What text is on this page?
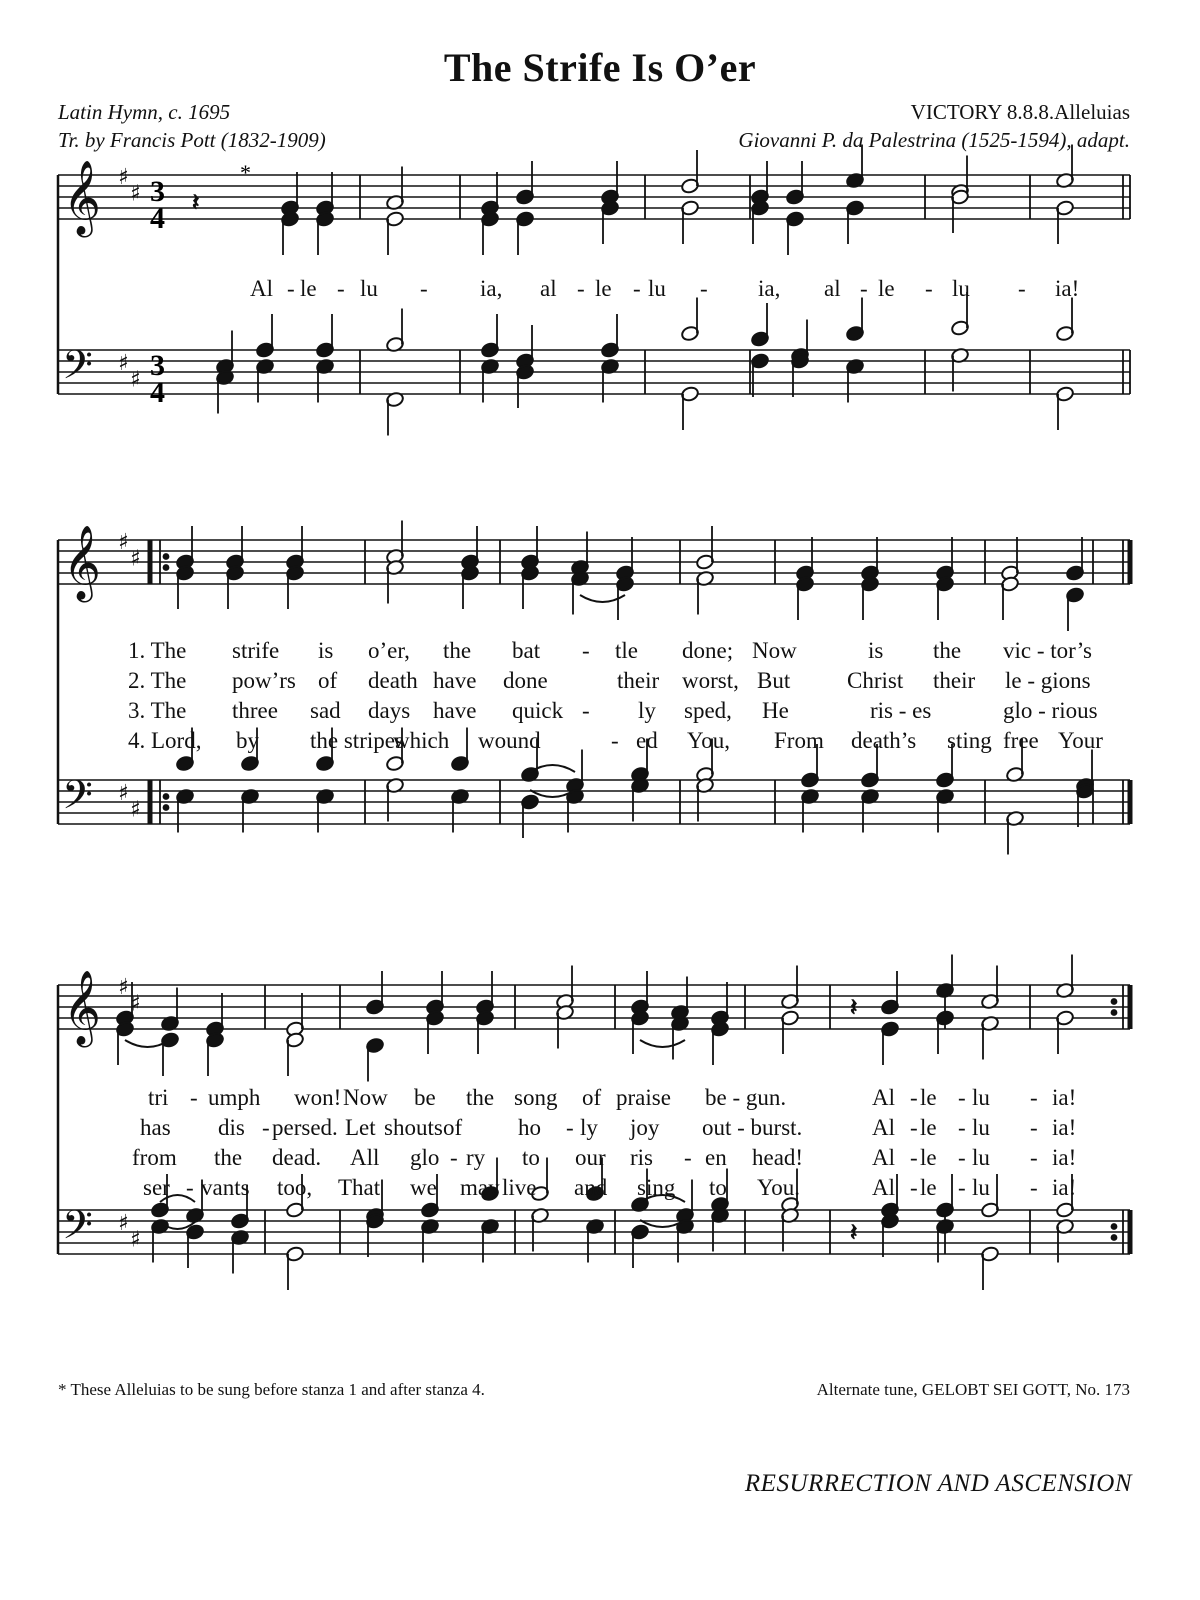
The Strife Is O’er
Latin Hymn, c. 1695
Tr. by Francis Pott (1832-1909)
VICTORY 8.8.8.Alleluias
Giovanni P. da Palestrina (1525-1594), adapt.
𝄽
𝄽
𝄽
𝄞
𝄢
♯
♯
♯
♯
𝄞
𝄢
♯
♯
♯
♯
𝄞
𝄢
♯
♯
♯
♯
*
3
4
3
4
Al - le - lu - ia, al - le - lu - ia, al - le - lu - ia!
1. The strife is o’er, the bat - tle done; Now	is the vic - tor’s
2. The pow’rs of death have done	their worst, But Christ their le - gions
3. The three sad days have quick - ly sped, He	ris - es	glo - rious
4. Lord, by the stripes
which wound	- ed You, From death’s sting free Your
tri - umph won! Now be the song of praise be - gun.	Al - le - lu - ia!
has dis - persed. Let shouts of ho - ly joy out - burst.	Al - le - lu - ia!
from the dead. All glo - ry to our ris - en head!	Al - le - lu - ia!
ser - vants too, That we may live and sing to You.	Al - le - lu - ia!
* These Alleluias to be sung before stanza 1 and after stanza 4.	Alternate tune, GELOBT SEI GOTT, No. 173
RESURRECTION AND ASCENSION
